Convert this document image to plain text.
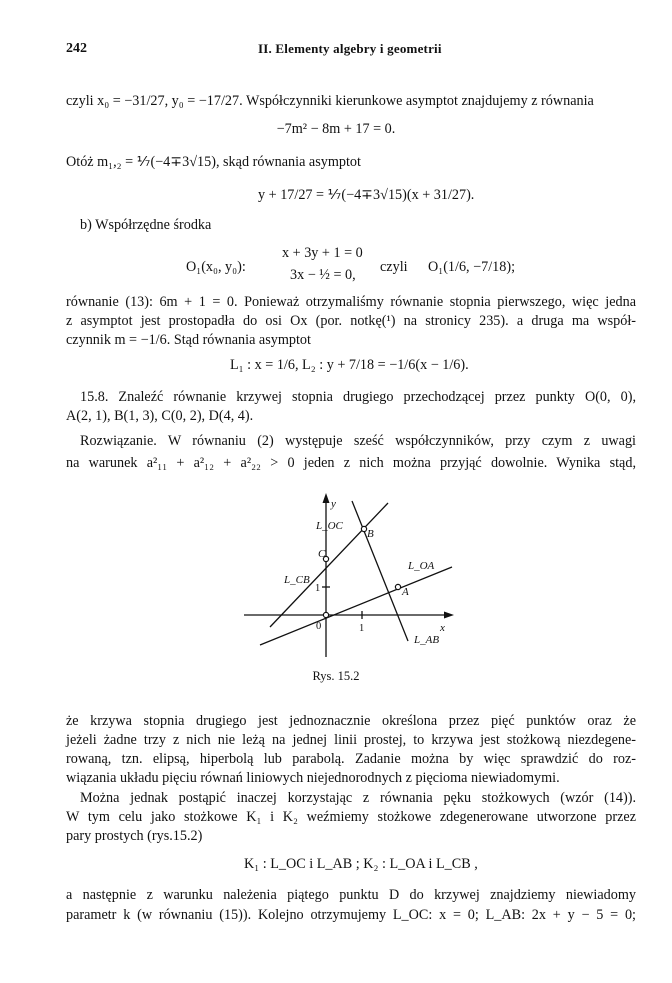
242	II. Elementy algebry i geometrii
czyli x₀ = −31/27, y₀ = −17/27. Współczynniki kierunkowe asymptot znajdujemy z równania
−7m² − 8m + 17 = 0.
Otóż m₁,₂ = ⅐(−4∓3√15), skąd równania asymptot
y + 17/27 = ⅐(−4∓3√15)(x + 31/27).
b) Współrzędne środka
O₁(x₀, y₀):
x + 3y + 1 = 0
3x − ½ = 0, czyli O₁(1/6, −7/18);
równanie (13): 6m + 1 = 0. Ponieważ otrzymaliśmy równanie stopnia pierwszego, więc jedna
z asymptot jest prostopadła do osi Ox (por. notkę(¹) na stronicy 235). a druga ma współ-
czynnik m = −1/6. Stąd równania asymptot
L₁ : x = 1/6, L₂ : y + 7/18 = −1/6(x − 1/6).
15.8. Znaleźć równanie krzywej stopnia drugiego przechodzącej przez punkty O(0, 0),
A(2, 1), B(1, 3), C(0, 2), D(4, 4).
Rozwiązanie. W równaniu (2) występuje sześć współczynników, przy czym z uwagi
na warunek a²₁₁ + a²₁₂ + a²₂₂ > 0 jeden z nich można przyjąć dowolnie. Wynika stąd,
y
x
B
C
A
L_OC
L_CB
L_OA
L_AB
0	1
1
Rys. 15.2
że krzywa stopnia drugiego jest jednoznacznie określona przez pięć punktów oraz że
jeżeli żadne trzy z nich nie leżą na jednej linii prostej, to krzywa jest stożkową niezdegene-
rowaną, tzn. elipsą, hiperbolą lub parabolą. Zadanie można by więc sprawdzić do roz-
wiązania układu pięciu równań liniowych niejednorodnych z pięcioma niewiadomymi.
Można jednak postąpić inaczej korzystając z równania pęku stożkowych (wzór (14)).
W tym celu jako stożkowe K₁ i K₂ weźmiemy stożkowe zdegenerowane utworzone przez
pary prostych (rys.15.2)
K₁ : L_OC i L_AB ; K₂ : L_OA i L_CB ,
a następnie z warunku należenia piątego punktu D do krzywej znajdziemy niewiadomy
parametr k (w równaniu (15)). Kolejno otrzymujemy L_OC: x = 0; L_AB: 2x + y − 5 = 0;
